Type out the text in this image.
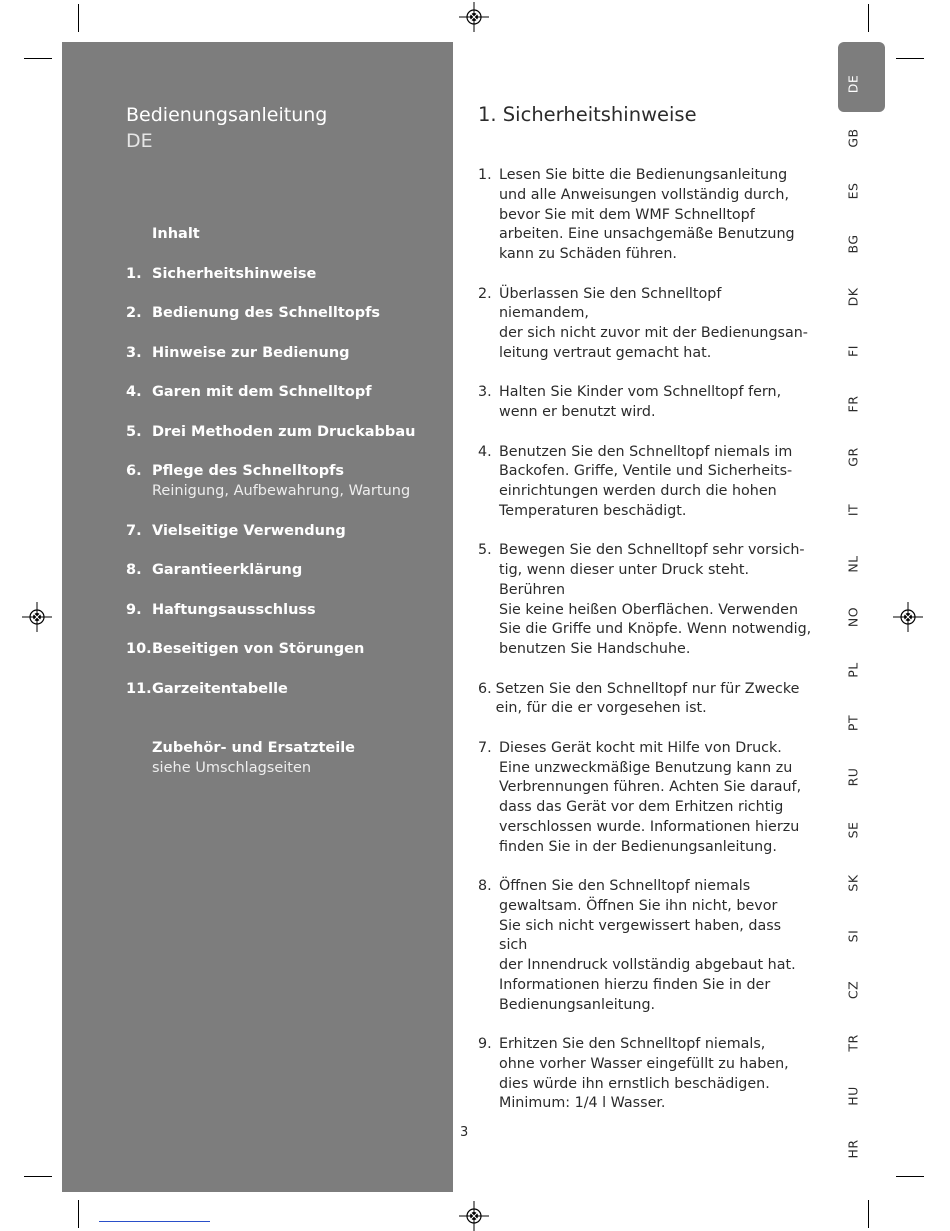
Bedienungsanleitung
DE
Inhalt
1. Sicherheitshinweise
2. Bedienung des Schnelltopfs
3. Hinweise zur Bedienung
4. Garen mit dem Schnelltopf
5. Drei Methoden zum Druckabbau
6. Pflege des Schnelltopfs
Reinigung, Aufbewahrung, Wartung
7. Vielseitige Verwendung
8. Garantieerklärung
9. Haftungsausschluss
10. Beseitigen von Störungen
11. Garzeitentabelle
Zubehör- und Ersatzteile
siehe Umschlagseiten
1. Sicherheitshinweise
1. Lesen Sie bitte die Bedienungsanleitung
und alle Anweisungen vollständig durch,
bevor Sie mit dem WMF Schnelltopf
arbeiten. Eine unsachgemäße Benutzung
kann zu Schäden führen.
2. Überlassen Sie den Schnelltopf niemandem,
der sich nicht zuvor mit der Bedienungsan-
leitung vertraut gemacht hat.
3. Halten Sie Kinder vom Schnelltopf fern,
wenn er benutzt wird.
4. Benutzen Sie den Schnelltopf niemals im
Backofen. Griffe, Ventile und Sicherheits-
einrichtungen werden durch die hohen
Temperaturen beschädigt.
5. Bewegen Sie den Schnelltopf sehr vorsich-
tig, wenn dieser unter Druck steht. Berühren
Sie keine heißen Oberflächen. Verwenden
Sie die Griffe und Knöpfe. Wenn notwendig,
benutzen Sie Handschuhe.
6. Setzen Sie den Schnelltopf nur für Zwecke
ein, für die er vorgesehen ist.
7. Dieses Gerät kocht mit Hilfe von Druck.
Eine unzweckmäßige Benutzung kann zu
Verbrennungen führen. Achten Sie darauf,
dass das Gerät vor dem Erhitzen richtig
verschlossen wurde. Informationen hierzu
finden Sie in der Bedienungsanleitung.
8. Öffnen Sie den Schnelltopf niemals
gewaltsam. Öffnen Sie ihn nicht, bevor
Sie sich nicht vergewissert haben, dass sich
der Innendruck vollständig abgebaut hat.
Informationen hierzu finden Sie in der
Bedienungsanleitung.
9. Erhitzen Sie den Schnelltopf niemals,
ohne vorher Wasser eingefüllt zu haben,
dies würde ihn ernstlich beschädigen.
Minimum: 1/4 l Wasser.
3
DE
GB
ES
BG
DK
FI
FR
GR
IT
NL
NO
PL
PT
RU
SE
SK
SI
CZ
TR
HU
HR
